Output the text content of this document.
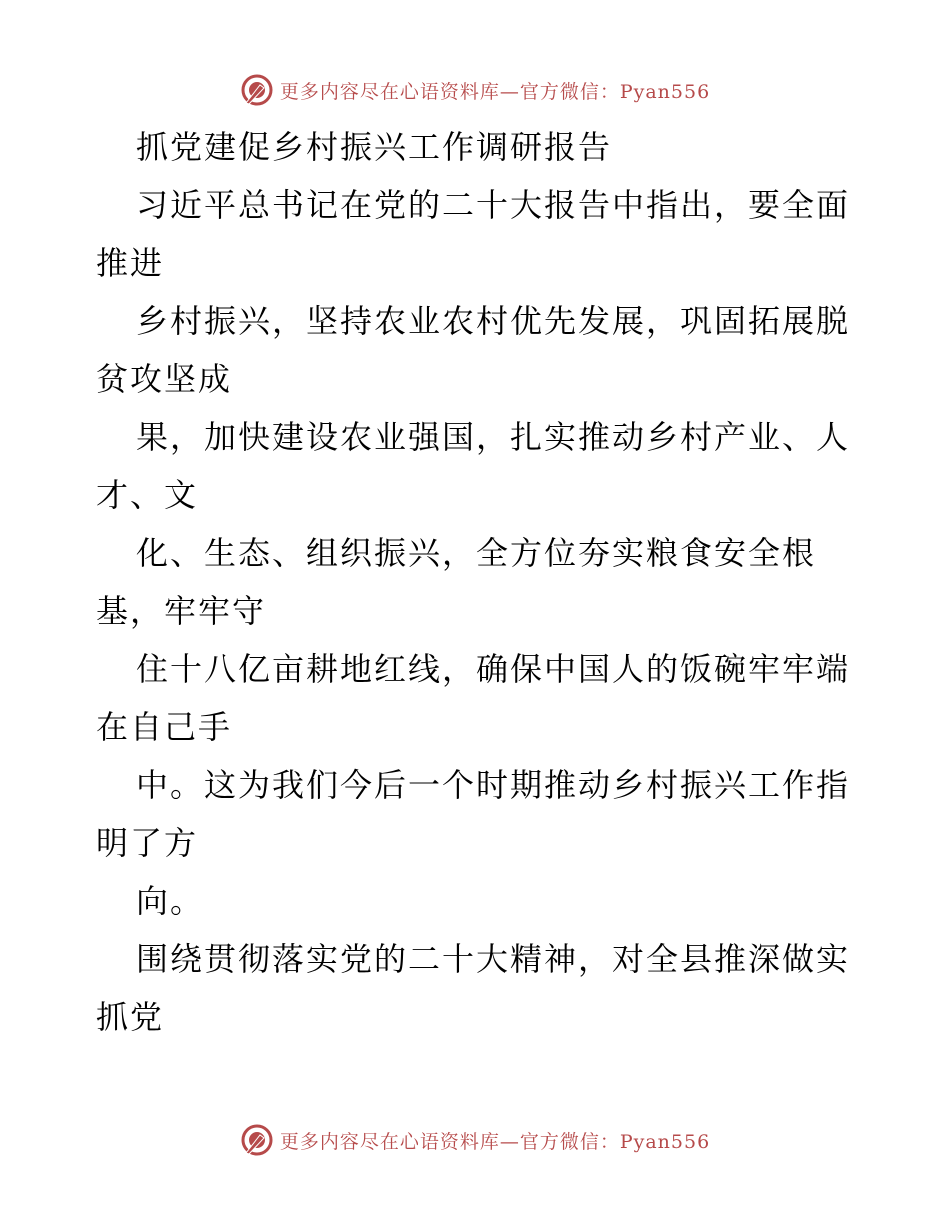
更多内容尽在心语资料库—官方微信：Pyan556
抓党建促乡村振兴工作调研报告
习近平总书记在党的二十大报告中指出，要全面
推进
乡村振兴，坚持农业农村优先发展，巩固拓展脱
贫攻坚成
果，加快建设农业强国，扎实推动乡村产业、人
才、文
化、生态、组织振兴，全方位夯实粮食安全根
基，牢牢守
住十八亿亩耕地红线，确保中国人的饭碗牢牢端
在自己手
中。这为我们今后一个时期推动乡村振兴工作指
明了方
向。
围绕贯彻落实党的二十大精神，对全县推深做实
抓党
更多内容尽在心语资料库—官方微信：Pyan556
